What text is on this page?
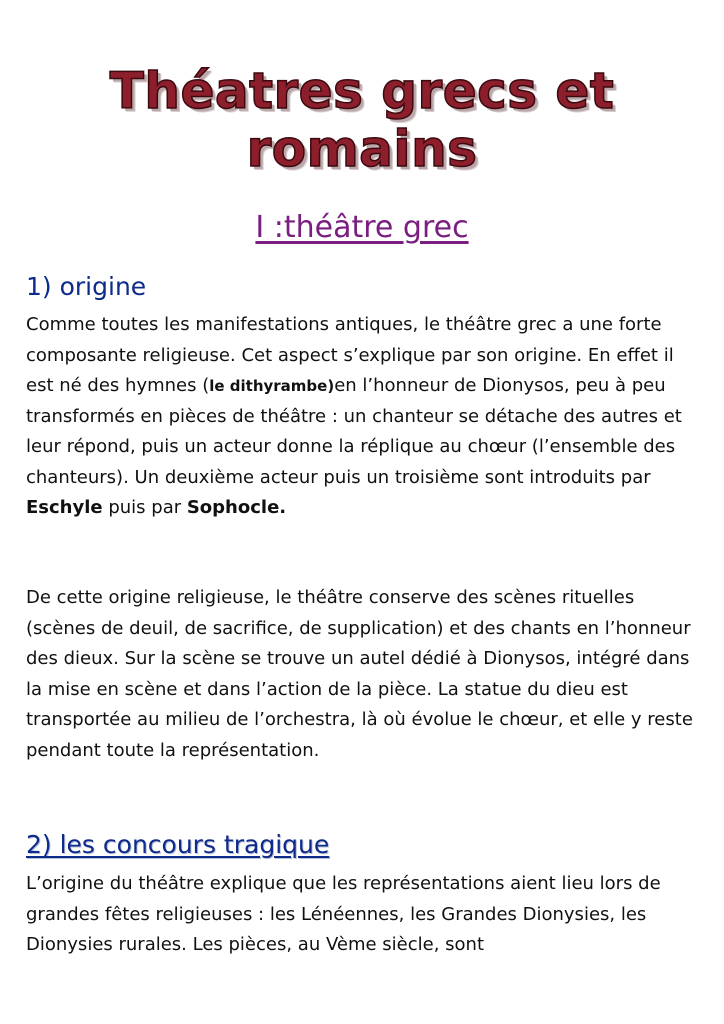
Théatres grecs et romains
I :théâtre grec
1) origine

Comme toutes les manifestations antiques, le théâtre grec a une forte composante religieuse. Cet aspect s’explique par son origine. En effet il est né des hymnes (le dithyrambe)en l’honneur de Dionysos, peu à peu transformés en pièces de théâtre : un chanteur se détache des autres et leur répond, puis un acteur donne la réplique au chœur (l’ensemble des chanteurs). Un deuxième acteur puis un troisième sont introduits par Eschyle puis par Sophocle.

De cette origine religieuse, le théâtre conserve des scènes rituelles (scènes de deuil, de sacrifice, de supplication) et des chants en l’honneur des dieux. Sur la scène se trouve un autel dédié à Dionysos, intégré dans la mise en scène et dans l’action de la pièce. La statue du dieu est transportée au milieu de l’orchestra, là où évolue le chœur, et elle y reste pendant toute la représentation.

2) les concours tragique

L’origine du théâtre explique que les représentations aient lieu lors de grandes fêtes religieuses : les Lénéennes, les Grandes Dionysies, les Dionysies rurales. Les pièces, au Vème siècle, sont
